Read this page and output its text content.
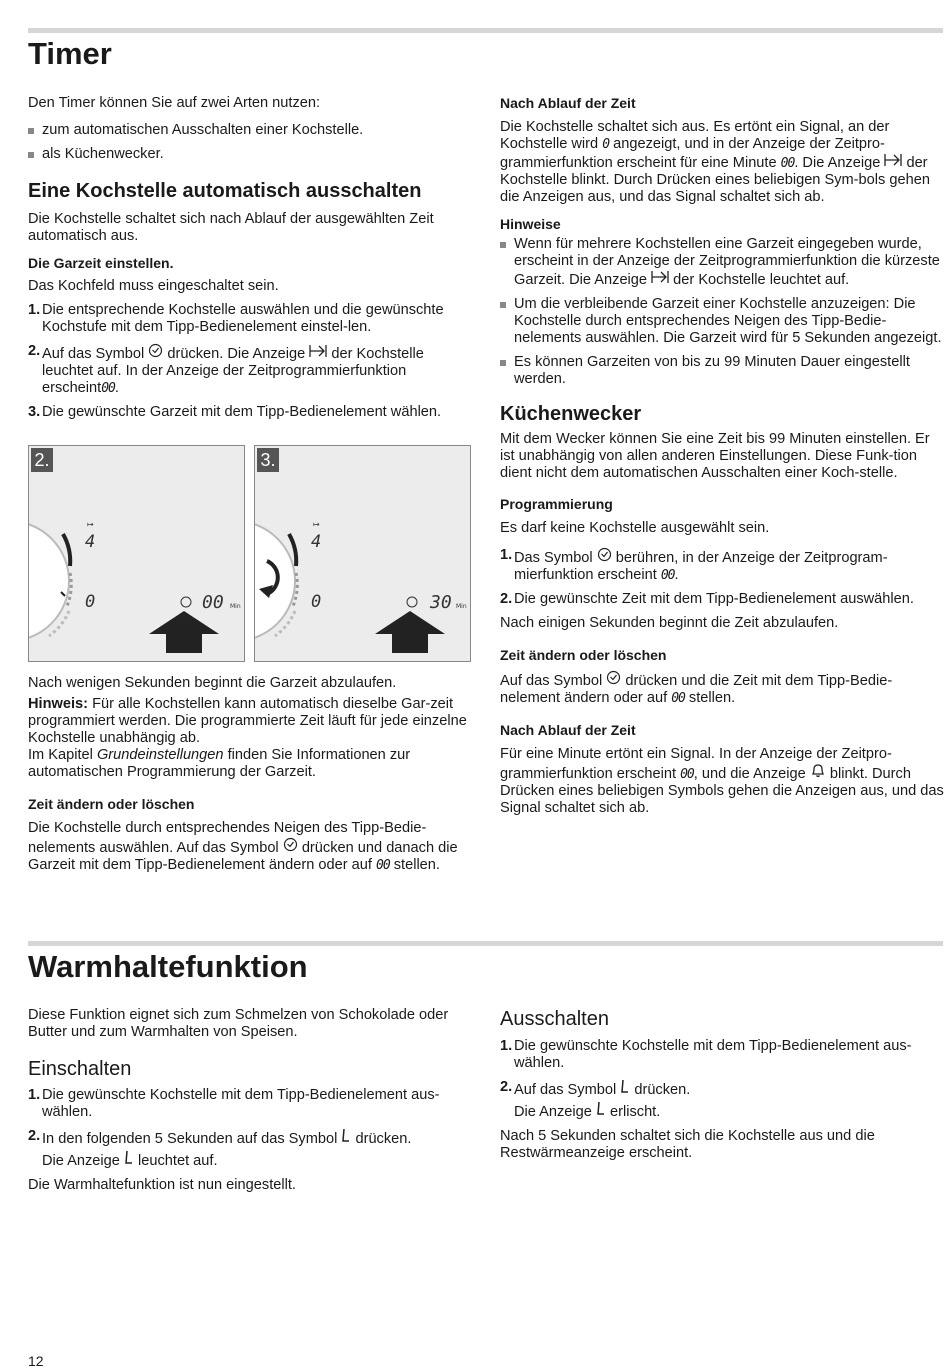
Timer

Den Timer können Sie auf zwei Arten nutzen:

zum automatischen Ausschalten einer Kochstelle.
als Küchenwecker.
Eine Kochstelle automatisch ausschalten

Die Kochstelle schaltet sich nach Ablauf der ausgewählten Zeit automatisch aus.

Die Garzeit einstellen.

Das Kochfeld muss eingeschaltet sein.

1. Die entsprechende Kochstelle auswählen und die gewünschte Kochstufe mit dem Tipp-Bedienelement einstel-len.
2. Auf das Symbol drücken. Die Anzeige der Kochstelle leuchtet auf. In der Anzeige der Zeitprogrammierfunktion erscheint00.
3. Die gewünschte Garzeit mit dem Tipp-Bedienelement wählen.
2.
↦
4
0	00 Min
3.
↦
4
0	30 Min

Nach wenigen Sekunden beginnt die Garzeit abzulaufen.

Hinweis: Für alle Kochstellen kann automatisch dieselbe Gar-zeit programmiert werden. Die programmierte Zeit läuft für jede einzelne Kochstelle unabhängig ab.

Im Kapitel Grundeinstellungen finden Sie Informationen zur automatischen Programmierung der Garzeit.

Zeit ändern oder löschen

Die Kochstelle durch entsprechendes Neigen des Tipp-Bedie-nelements auswählen. Auf das Symbol drücken und danach die Garzeit mit dem Tipp-Bedienelement ändern oder auf 00 stellen.

Nach Ablauf der Zeit

Die Kochstelle schaltet sich aus. Es ertönt ein Signal, an der Kochstelle wird 0 angezeigt, und in der Anzeige der Zeitpro-grammierfunktion erscheint für eine Minute 00. Die Anzeige der Kochstelle blinkt. Durch Drücken eines beliebigen Sym-bols gehen die Anzeigen aus, und das Signal schaltet sich ab.

Hinweise
Wenn für mehrere Kochstellen eine Garzeit eingegeben wurde, erscheint in der Anzeige der Zeitprogrammierfunktion die kürzeste Garzeit. Die Anzeige der Kochstelle leuchtet auf.
Um die verbleibende Garzeit einer Kochstelle anzuzeigen: Die Kochstelle durch entsprechendes Neigen des Tipp-Bedie-nelements auswählen. Die Garzeit wird für 5 Sekunden angezeigt.
Es können Garzeiten von bis zu 99 Minuten Dauer eingestellt werden.
Küchenwecker

Mit dem Wecker können Sie eine Zeit bis 99 Minuten einstellen. Er ist unabhängig von allen anderen Einstellungen. Diese Funk-tion dient nicht dem automatischen Ausschalten einer Koch-stelle.

Programmierung

Es darf keine Kochstelle ausgewählt sein.

1. Das Symbol berühren, in der Anzeige der Zeitprogram-mierfunktion erscheint 00.
2. Die gewünschte Zeit mit dem Tipp-Bedienelement auswählen.

Nach einigen Sekunden beginnt die Zeit abzulaufen.

Zeit ändern oder löschen

Auf das Symbol drücken und die Zeit mit dem Tipp-Bedie-nelement ändern oder auf 00 stellen.

Nach Ablauf der Zeit

Für eine Minute ertönt ein Signal. In der Anzeige der Zeitpro-grammierfunktion erscheint 00, und die Anzeige blinkt. Durch Drücken eines beliebigen Symbols gehen die Anzeigen aus, und das Signal schaltet sich ab.

Warmhaltefunktion

Diese Funktion eignet sich zum Schmelzen von Schokolade oder Butter und zum Warmhalten von Speisen.

Einschalten
1. Die gewünschte Kochstelle mit dem Tipp-Bedienelement aus-wählen.
2. In den folgenden 5 Sekunden auf das Symbol drücken.
Die Anzeige leuchtet auf.

Die Warmhaltefunktion ist nun eingestellt.

Ausschalten
1. Die gewünschte Kochstelle mit dem Tipp-Bedienelement aus-wählen.
2. Auf das Symbol drücken.
Die Anzeige erlischt.

Nach 5 Sekunden schaltet sich die Kochstelle aus und die Restwärmeanzeige erscheint.

12
